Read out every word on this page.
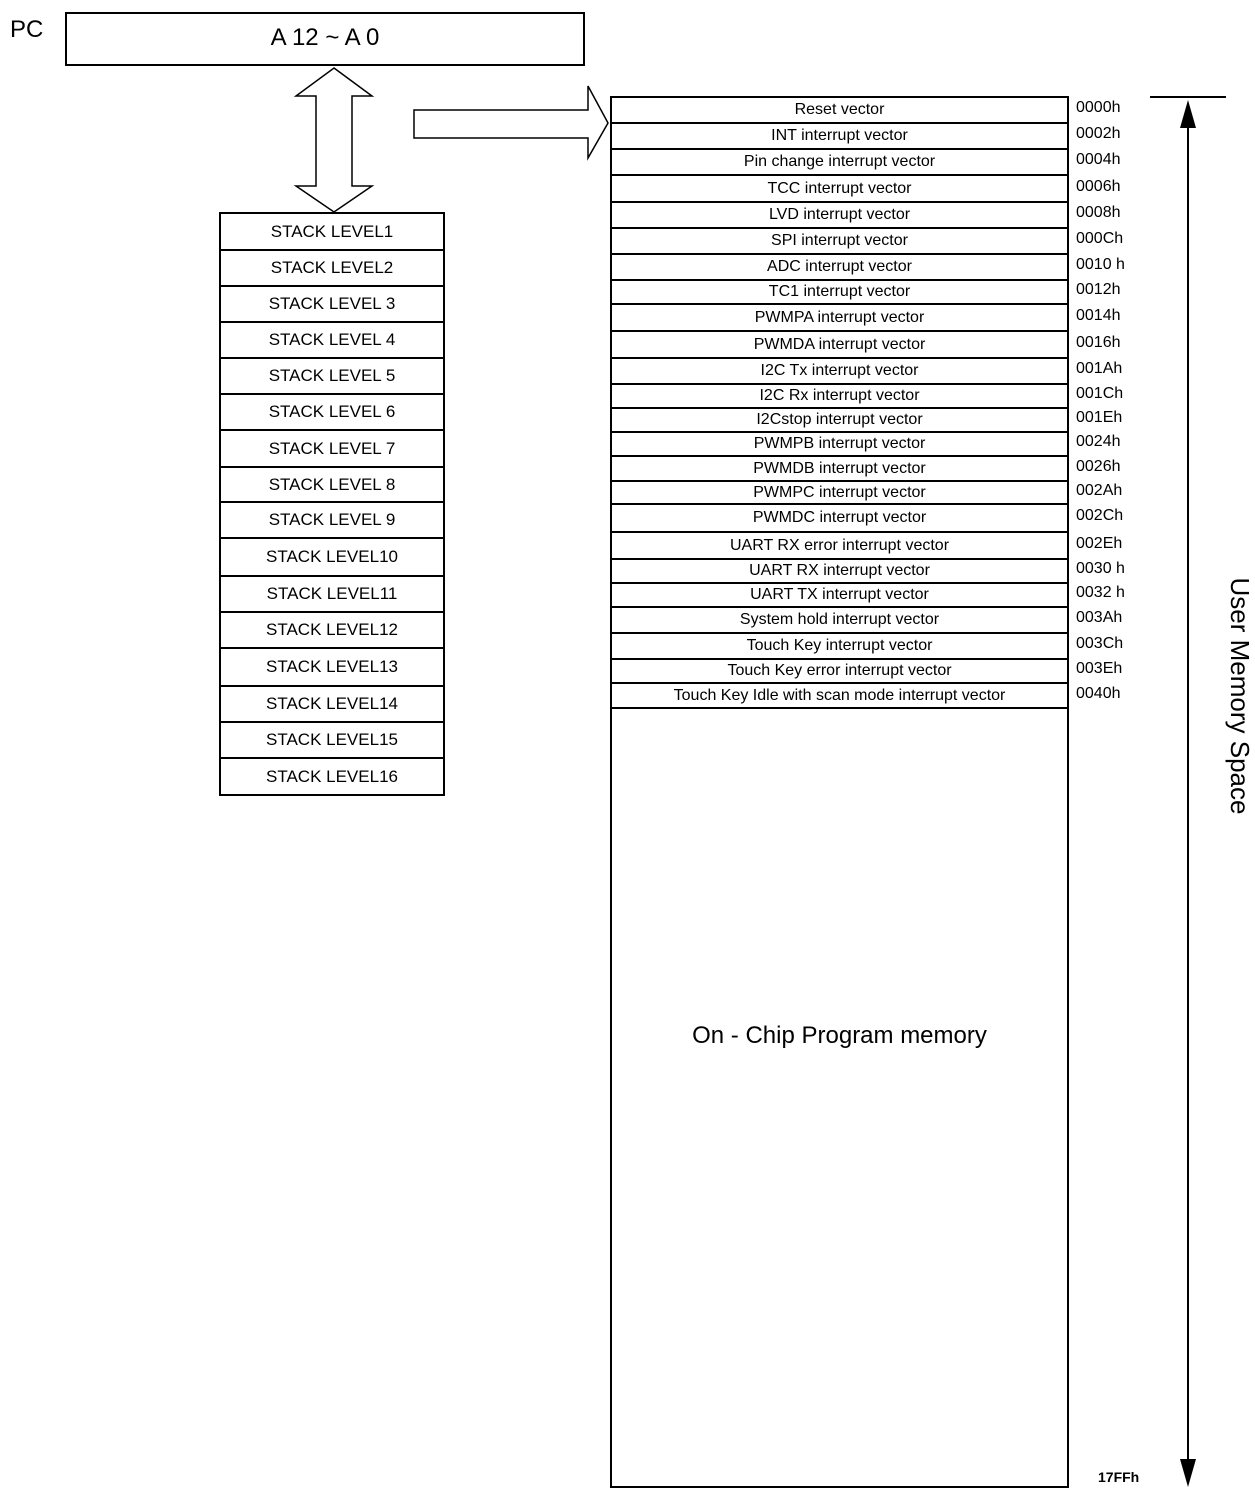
PC	A 12 ~ A 0
STACK LEVEL1
STACK LEVEL2
STACK LEVEL 3
STACK LEVEL 4
STACK LEVEL 5
STACK LEVEL 6
STACK LEVEL 7
STACK LEVEL 8
STACK LEVEL 9
STACK LEVEL10
STACK LEVEL11
STACK LEVEL12
STACK LEVEL13
STACK LEVEL14
STACK LEVEL15
STACK LEVEL16
Reset vector
INT interrupt vector
Pin change interrupt vector
TCC interrupt vector
LVD interrupt vector
SPI interrupt vector
ADC interrupt vector
TC1 interrupt vector
PWMPA interrupt vector
PWMDA interrupt vector
I2C Tx interrupt vector
I2C Rx interrupt vector
I2Cstop interrupt vector
PWMPB interrupt vector
PWMDB interrupt vector
PWMPC interrupt vector
PWMDC interrupt vector
UART RX error interrupt vector
UART RX interrupt vector
UART TX interrupt vector
System hold interrupt vector
Touch Key interrupt vector
Touch Key error interrupt vector
Touch Key Idle with scan mode interrupt vector
0000h
0002h
0004h
0006h
0008h
000Ch
0010 h
0012h
0014h
0016h
001Ah
001Ch
001Eh
0024h
0026h
002Ah
002Ch
002Eh
0030 h
0032 h
003Ah
003Ch
003Eh
0040h
On - Chip Program memory
17FFh
User Memory Space
